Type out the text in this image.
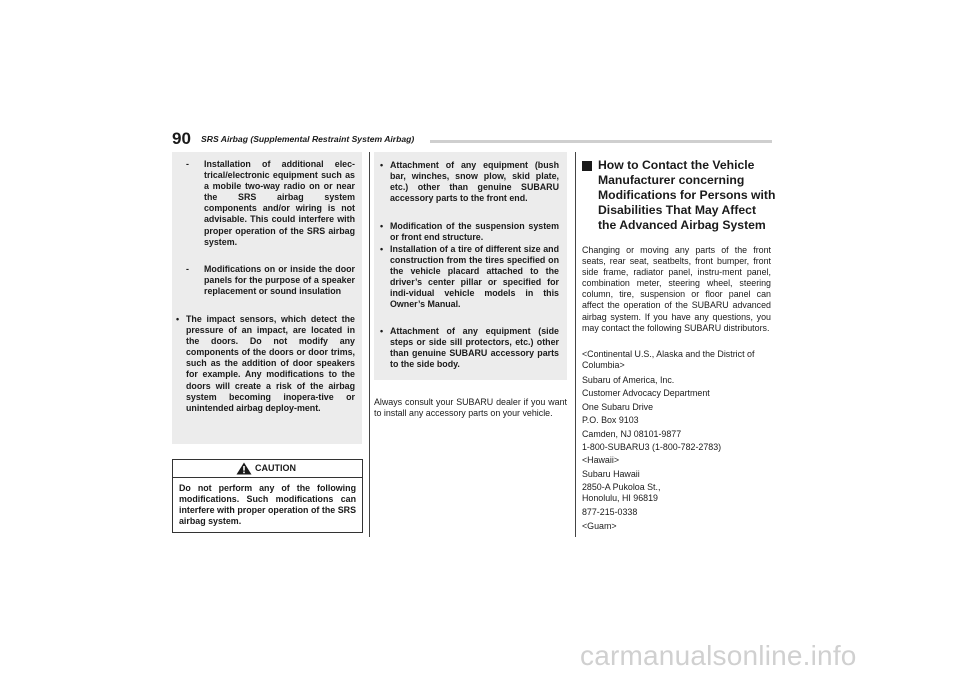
90 SRS Airbag (Supplemental Restraint System Airbag)
- Installation of additional elec-trical/electronic equipment such as a mobile two-way radio on or near the SRS airbag system components and/or wiring is not advisable. This could interfere with proper operation of the SRS airbag system.
- Modifications on or inside the door panels for the purpose of a speaker replacement or sound insulation
• The impact sensors, which detect the pressure of an impact, are located in the doors. Do not modify any components of the doors or door trims, such as the addition of door speakers for example. Any modifications to the doors will create a risk of the airbag system becoming inopera-tive or unintended airbag deploy-ment.
CAUTION
Do not perform any of the following modifications. Such modifications can interfere with proper operation of the SRS airbag system.
• Attachment of any equipment (bush bar, winches, snow plow, skid plate, etc.) other than genuine SUBARU accessory parts to the front end.
• Modification of the suspension system or front end structure.
• Installation of a tire of different size and construction from the tires specified on the vehicle placard attached to the driver’s center pillar or specified for indi-vidual vehicle models in this Owner’s Manual.
• Attachment of any equipment (side steps or side sill protectors, etc.) other than genuine SUBARU accessory parts to the side body.
Always consult your SUBARU dealer if you want to install any accessory parts on your vehicle.
How to Contact the Vehicle Manufacturer concerning Modifications for Persons with Disabilities That May Affect the Advanced Airbag System
Changing or moving any parts of the front seats, rear seat, seatbelts, front bumper, front side frame, radiator panel, instru-ment panel, combination meter, steering wheel, steering column, tire, suspension or floor panel can affect the operation of the SUBARU advanced airbag system. If you have any questions, you may contact the following SUBARU distributors.
<Continental U.S., Alaska and the District of Columbia>
Subaru of America, Inc.
Customer Advocacy Department
One Subaru Drive
P.O. Box 9103
Camden, NJ 08101-9877
1-800-SUBARU3 (1-800-782-2783)
<Hawaii>
Subaru Hawaii
2850-A Pukoloa St.,
Honolulu, HI 96819
877-215-0338
<Guam>
carmanualsonline.info
